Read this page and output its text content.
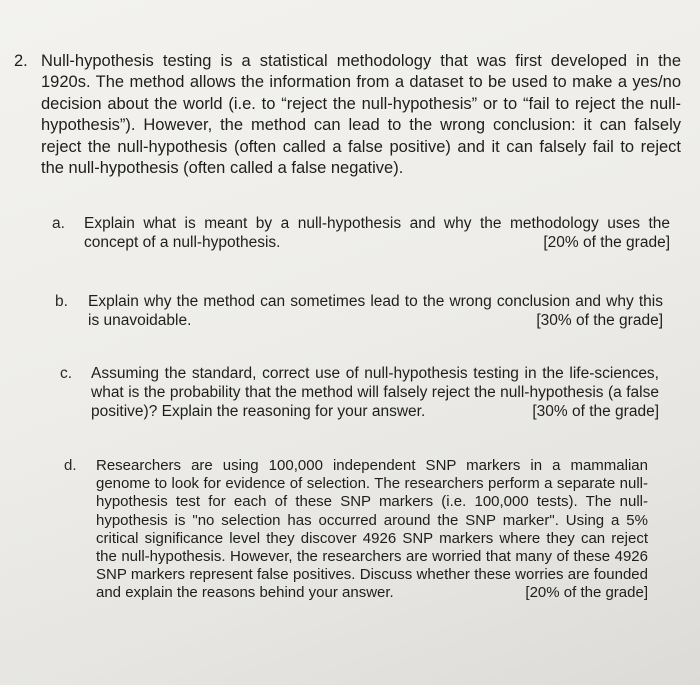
2. Null-hypothesis testing is a statistical methodology that was first developed in the 1920s. The method allows the information from a dataset to be used to make a yes/no decision about the world (i.e. to “reject the null-hypothesis” or to “fail to reject the null-hypothesis”). However, the method can lead to the wrong conclusion: it can falsely reject the null-hypothesis (often called a false positive) and it can falsely fail to reject the null-hypothesis (often called a false negative).
a. Explain what is meant by a null-hypothesis and why the methodology uses the concept of a null-hypothesis.	[20% of the grade]
b. Explain why the method can sometimes lead to the wrong conclusion and why this is unavoidable.	[30% of the grade]
c. Assuming the standard, correct use of null-hypothesis testing in the life-sciences, what is the probability that the method will falsely reject the null-hypothesis (a false positive)? Explain the reasoning for your answer.	[30% of the grade]
d. Researchers are using 100,000 independent SNP markers in a mammalian genome to look for evidence of selection. The researchers perform a separate null-hypothesis test for each of these SNP markers (i.e. 100,000 tests). The null-hypothesis is "no selection has occurred around the SNP marker". Using a 5% critical significance level they discover 4926 SNP markers where they can reject the null-hypothesis. However, the researchers are worried that many of these 4926 SNP markers represent false positives. Discuss whether these worries are founded and explain the reasons behind your answer.	[20% of the grade]
